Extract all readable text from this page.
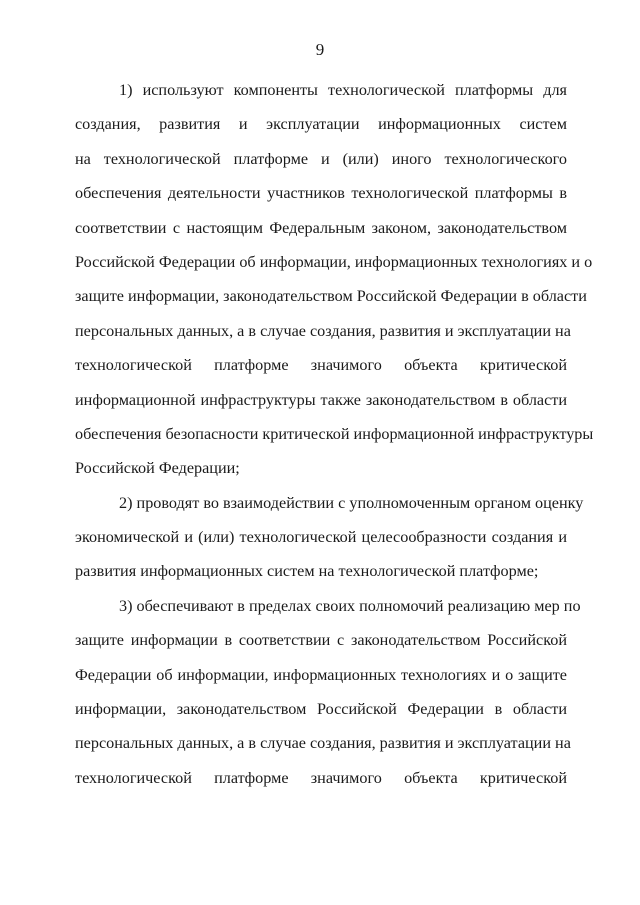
9
1) используют компоненты технологической платформы для
создания, развития и эксплуатации информационных систем
на технологической платформе и (или) иного технологического
обеспечения деятельности участников технологической платформы в
соответствии с настоящим Федеральным законом, законодательством
Российской Федерации об информации, информационных технологиях и о
защите информации, законодательством Российской Федерации в области
персональных данных, а в случае создания, развития и эксплуатации на
технологической платформе значимого объекта критической
информационной инфраструктуры также законодательством в области
обеспечения безопасности критической информационной инфраструктуры
Российской Федерации;
2) проводят во взаимодействии с уполномоченным органом оценку
экономической и (или) технологической целесообразности создания и
развития информационных систем на технологической платформе;
3) обеспечивают в пределах своих полномочий реализацию мер по
защите информации в соответствии с законодательством Российской
Федерации об информации, информационных технологиях и о защите
информации, законодательством Российской Федерации в области
персональных данных, а в случае создания, развития и эксплуатации на
технологической платформе значимого объекта критической
